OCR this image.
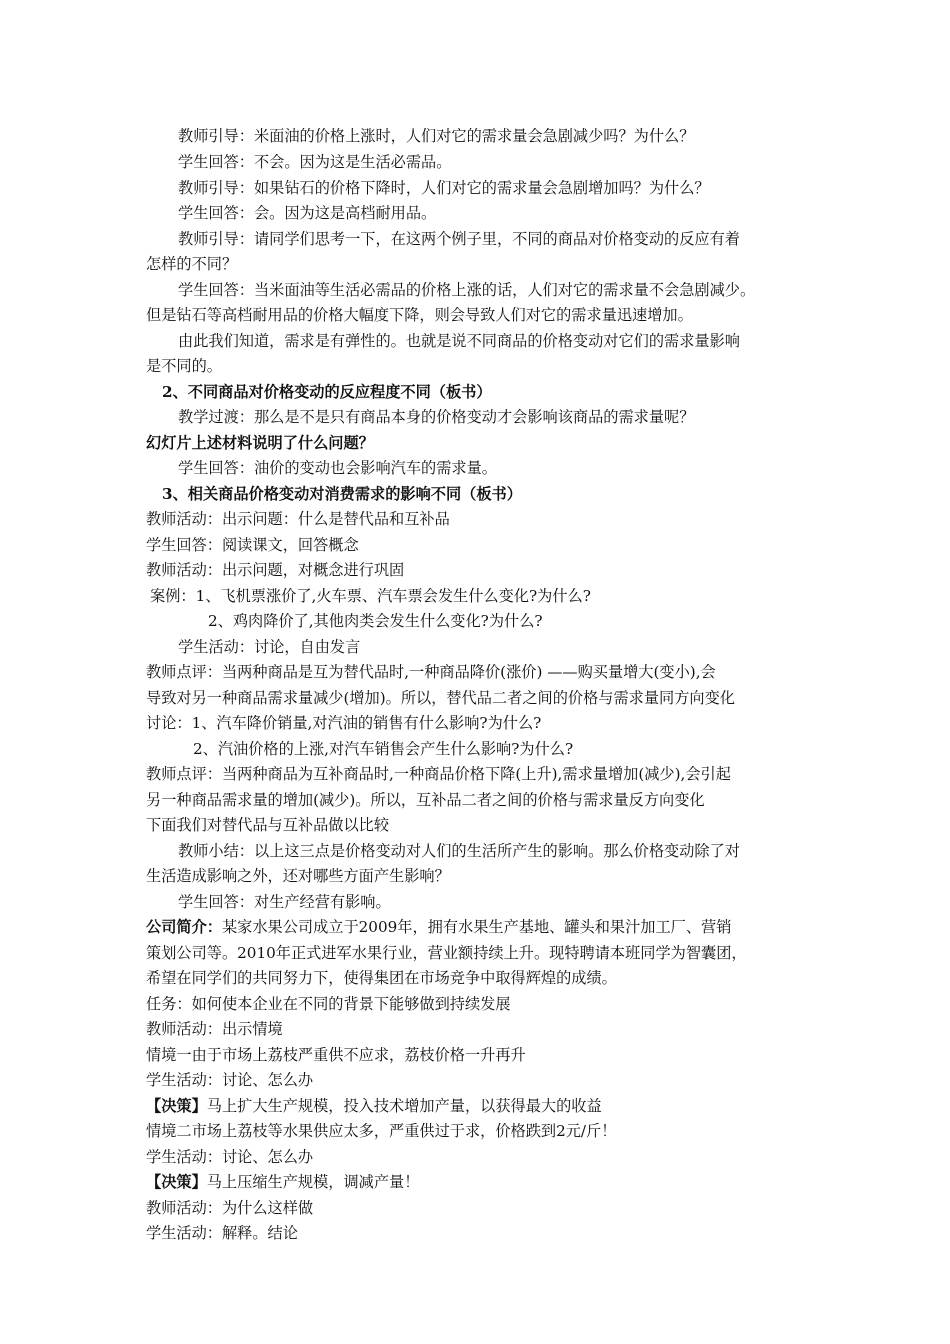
教师引导：米面油的价格上涨时，人们对它的需求量会急剧减少吗？为什么？
学生回答：不会。因为这是生活必需品。
教师引导：如果钻石的价格下降时，人们对它的需求量会急剧增加吗？为什么？
学生回答：会。因为这是高档耐用品。
教师引导：请同学们思考一下，在这两个例子里，不同的商品对价格变动的反应有着
怎样的不同？
学生回答：当米面油等生活必需品的价格上涨的话，人们对它的需求量不会急剧减少。
但是钻石等高档耐用品的价格大幅度下降，则会导致人们对它的需求量迅速增加。
由此我们知道，需求是有弹性的。也就是说不同商品的价格变动对它们的需求量影响
是不同的。
2、不同商品对价格变动的反应程度不同（板书）
教学过渡：那么是不是只有商品本身的价格变动才会影响该商品的需求量呢？
幻灯片上述材料说明了什么问题？
学生回答：油价的变动也会影响汽车的需求量。
3、相关商品价格变动对消费需求的影响不同（板书）
教师活动：出示问题：什么是替代品和互补品
学生回答：阅读课文，回答概念
教师活动：出示问题，对概念进行巩固
案例：1、飞机票涨价了,火车票、汽车票会发生什么变化?为什么?
2、鸡肉降价了,其他肉类会发生什么变化?为什么?
学生活动：讨论，自由发言
教师点评：当两种商品是互为替代品时,一种商品降价(涨价) ——购买量增大(变小),会
导致对另一种商品需求量减少(增加)。所以，替代品二者之间的价格与需求量同方向变化
讨论：1、汽车降价销量,对汽油的销售有什么影响?为什么?
2、汽油价格的上涨,对汽车销售会产生什么影响?为什么?
教师点评：当两种商品为互补商品时,一种商品价格下降(上升),需求量增加(减少),会引起
另一种商品需求量的增加(减少)。所以，互补品二者之间的价格与需求量反方向变化
下面我们对替代品与互补品做以比较
教师小结：以上这三点是价格变动对人们的生活所产生的影响。那么价格变动除了对
生活造成影响之外，还对哪些方面产生影响？
学生回答：对生产经营有影响。
公司简介：某家水果公司成立于2009年，拥有水果生产基地、罐头和果汁加工厂、营销
策划公司等。2010年正式进军水果行业，营业额持续上升。现特聘请本班同学为智囊团，
希望在同学们的共同努力下，使得集团在市场竞争中取得辉煌的成绩。
任务：如何使本企业在不同的背景下能够做到持续发展
教师活动：出示情境
情境一由于市场上荔枝严重供不应求，荔枝价格一升再升
学生活动：讨论、怎么办
【决策】马上扩大生产规模，投入技术增加产量，以获得最大的收益
情境二市场上荔枝等水果供应太多，严重供过于求，价格跌到2元/斤！
学生活动：讨论、怎么办
【决策】马上压缩生产规模，调减产量！
教师活动：为什么这样做
学生活动：解释。结论
